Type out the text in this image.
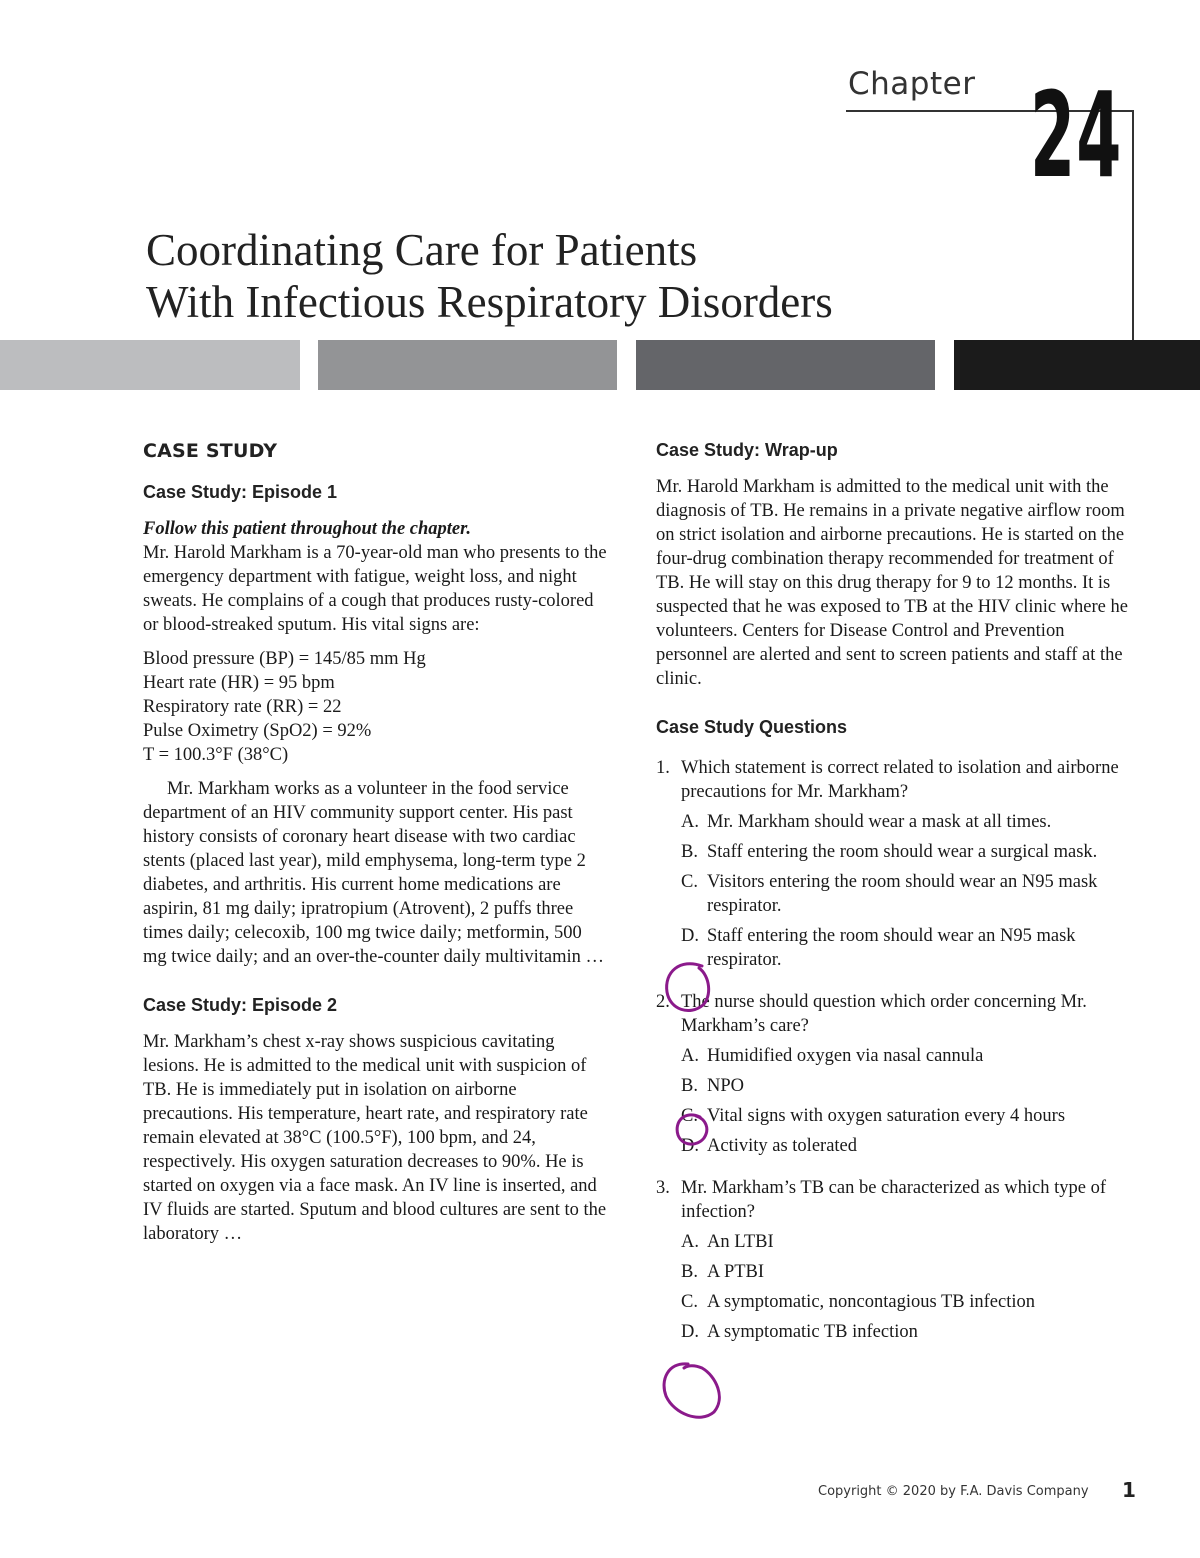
Chapter 24
Coordinating Care for Patients
With Infectious Respiratory Disorders
CASE STUDY
Case Study: Episode 1

Follow this patient throughout the chapter.

Mr. Harold Markham is a 70-year-old man who presents to the emergency department with fatigue, weight loss, and night sweats. He complains of a cough that produces rusty-colored or blood-streaked sputum. His vital signs are:

Blood pressure (BP) = 145/85 mm Hg
Heart rate (HR) = 95 bpm
Respiratory rate (RR) = 22
Pulse Oximetry (SpO2) = 92%
T = 100.3°F (38°C)

Mr. Markham works as a volunteer in the food service department of an HIV community support center. His past history consists of coronary heart disease with two cardiac stents (placed last year), mild emphysema, long-term type 2 diabetes, and arthritis. His current home medications are aspirin, 81 mg daily; ipratropium (Atrovent), 2 puffs three times daily; celecoxib, 100 mg twice daily; metformin, 500 mg twice daily; and an over-the-counter daily multivitamin …

Case Study: Episode 2

Mr. Markham’s chest x-ray shows suspicious cavitating lesions. He is admitted to the medical unit with suspicion of TB. He is immediately put in isolation on airborne precautions. His temperature, heart rate, and respiratory rate remain elevated at 38°C (100.5°F), 100 bpm, and 24, respectively. His oxygen saturation decreases to 90%. He is started on oxygen via a face mask. An IV line is inserted, and IV fluids are started. Sputum and blood cultures are sent to the laboratory …

Case Study: Wrap-up

Mr. Harold Markham is admitted to the medical unit with the diagnosis of TB. He remains in a private negative airflow room on strict isolation and airborne precautions. He is started on the four-drug combination therapy recommended for treatment of TB. He will stay on this drug therapy for 9 to 12 months. It is suspected that he was exposed to TB at the HIV clinic where he volunteers. Centers for Disease Control and Prevention personnel are alerted and sent to screen patients and staff at the clinic.

Case Study Questions
1. Which statement is correct related to isolation and airborne precautions for Mr. Markham?
A. Mr. Markham should wear a mask at all times.
B. Staff entering the room should wear a surgical mask.
C. Visitors entering the room should wear an N95 mask respirator.
D. Staff entering the room should wear an N95 mask respirator.
2. The nurse should question which order concerning Mr. Markham’s care?
A. Humidified oxygen via nasal cannula
B. NPO
C. Vital signs with oxygen saturation every 4 hours
D. Activity as tolerated
3. Mr. Markham’s TB can be characterized as which type of infection?
A. An LTBI
B. A PTBI
C. A symptomatic, noncontagious TB infection
D. A symptomatic TB infection
Copyright © 2020 by F.A. Davis Company 1
